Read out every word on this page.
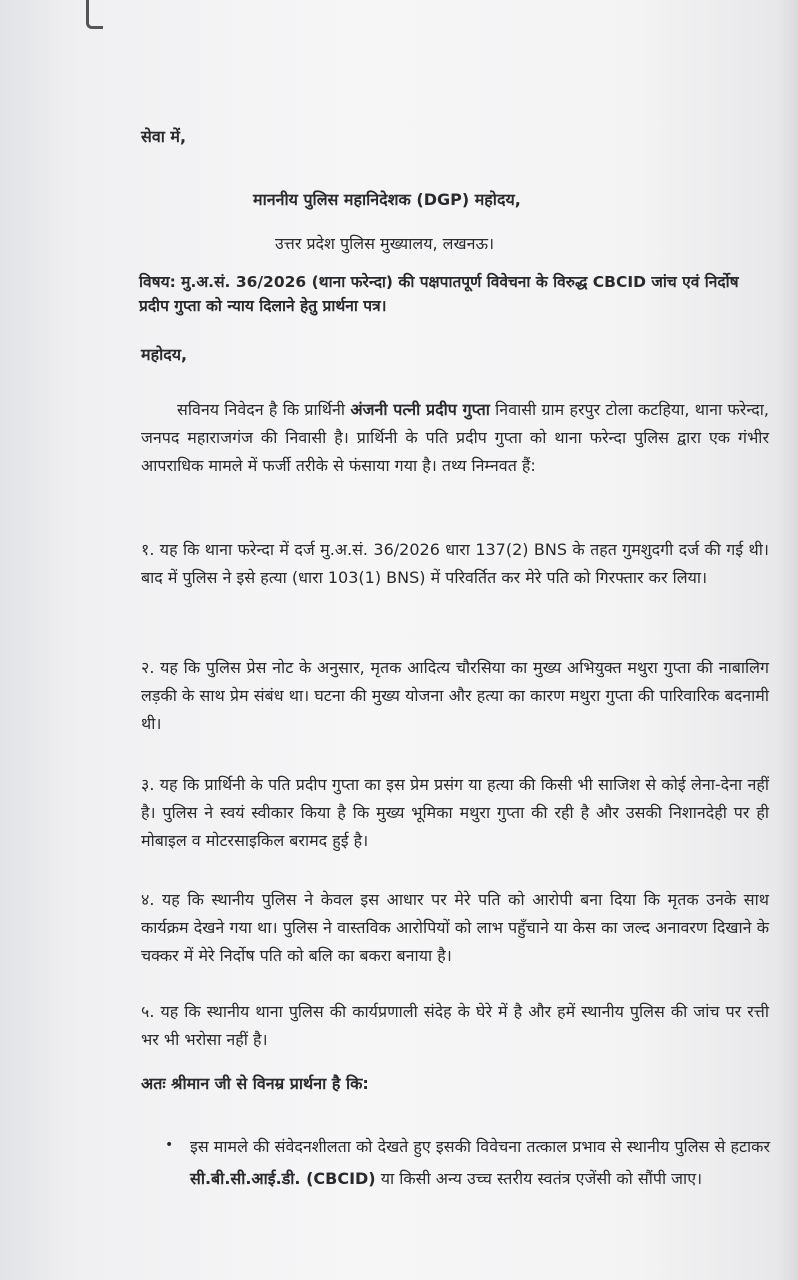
सेवा में,
माननीय पुलिस महानिदेशक (DGP) महोदय,
उत्तर प्रदेश पुलिस मुख्यालय, लखनऊ।
विषय: मु.अ.सं. 36/2026 (थाना फरेन्दा) की पक्षपातपूर्ण विवेचना के विरुद्ध CBCID जांच एवं निर्दोष प्रदीप गुप्ता को न्याय दिलाने हेतु प्रार्थना पत्र।
महोदय,
सविनय निवेदन है कि प्रार्थिनी अंजनी पत्नी प्रदीप गुप्ता निवासी ग्राम हरपुर टोला कटहिया, थाना फरेन्दा, जनपद महाराजगंज की निवासी है। प्रार्थिनी के पति प्रदीप गुप्ता को थाना फरेन्दा पुलिस द्वारा एक गंभीर आपराधिक मामले में फर्जी तरीके से फंसाया गया है। तथ्य निम्नवत हैं:
१. यह कि थाना फरेन्दा में दर्ज मु.अ.सं. 36/2026 धारा 137(2) BNS के तहत गुमशुदगी दर्ज की गई थी। बाद में पुलिस ने इसे हत्या (धारा 103(1) BNS) में परिवर्तित कर मेरे पति को गिरफ्तार कर लिया।
२. यह कि पुलिस प्रेस नोट के अनुसार, मृतक आदित्य चौरसिया का मुख्य अभियुक्त मथुरा गुप्ता की नाबालिग लड़की के साथ प्रेम संबंध था। घटना की मुख्य योजना और हत्या का कारण मथुरा गुप्ता की पारिवारिक बदनामी थी।
३. यह कि प्रार्थिनी के पति प्रदीप गुप्ता का इस प्रेम प्रसंग या हत्या की किसी भी साजिश से कोई लेना-देना नहीं है। पुलिस ने स्वयं स्वीकार किया है कि मुख्य भूमिका मथुरा गुप्ता की रही है और उसकी निशानदेही पर ही मोबाइल व मोटरसाइकिल बरामद हुई है।
४. यह कि स्थानीय पुलिस ने केवल इस आधार पर मेरे पति को आरोपी बना दिया कि मृतक उनके साथ कार्यक्रम देखने गया था। पुलिस ने वास्तविक आरोपियों को लाभ पहुँचाने या केस का जल्द अनावरण दिखाने के चक्कर में मेरे निर्दोष पति को बलि का बकरा बनाया है।
५. यह कि स्थानीय थाना पुलिस की कार्यप्रणाली संदेह के घेरे में है और हमें स्थानीय पुलिस की जांच पर रत्ती भर भी भरोसा नहीं है।
अतः श्रीमान जी से विनम्र प्रार्थना है कि:
• इस मामले की संवेदनशीलता को देखते हुए इसकी विवेचना तत्काल प्रभाव से स्थानीय पुलिस से हटाकर सी.बी.सी.आई.डी. (CBCID) या किसी अन्य उच्च स्तरीय स्वतंत्र एजेंसी को सौंपी जाए।
